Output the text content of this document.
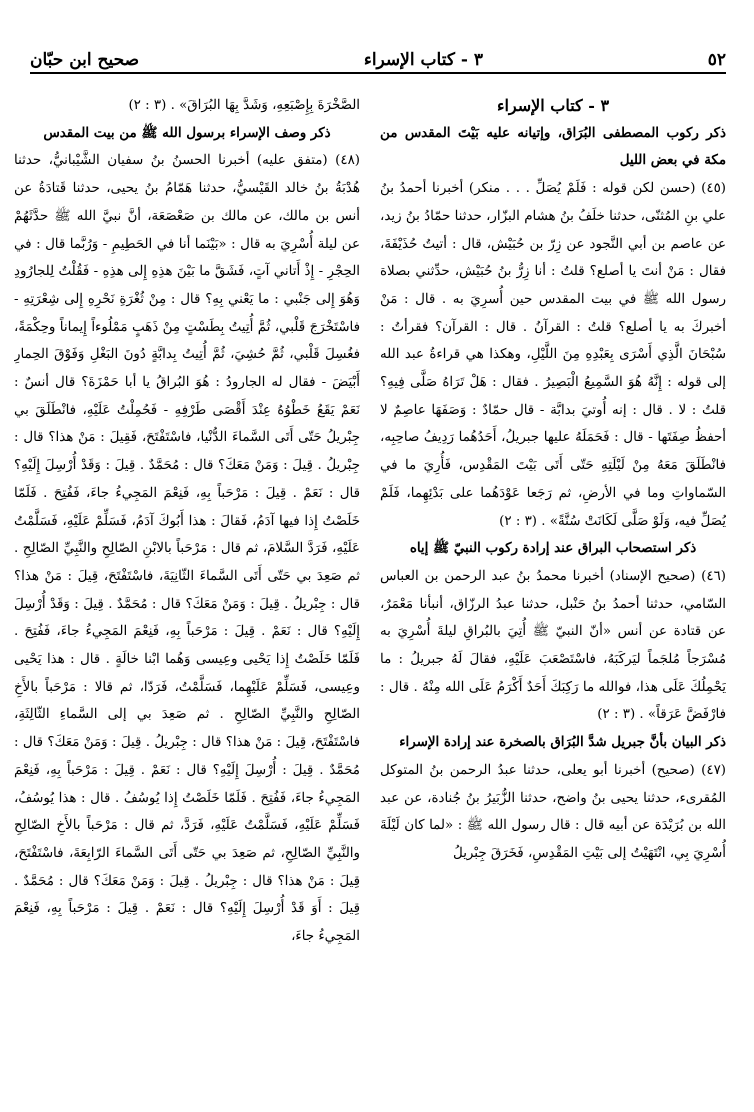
صحيح ابن حبّان	٣ - كتاب الإسراء	٥٢

٣ - كتاب الإسراء

ذكر ركوب المصطفى البُرَاق، وإتيانه عليه بَيْتَ المقدس من مكة في بعض الليل

(٤٥) (حسن لكن قوله : فَلَمْ يُصَلِّ . . . منكر) أخبرنا أحمدُ بنُ علي بنِ المُثنّى، حدثنا خلَفُ بنُ هشام البزّار، حدثنا حمّادُ بنُ زيد، عن عاصم بن أبي النَّجود عن زِرّ بن حُبَيْش، قال : أتيتُ حُذَيْفَةَ، فقال : مَنْ أنتَ يا أصلع؟ قلتُ : أنا زِرُّ بنُ حُبَيْش، حدِّثني بصلاة رسول الله ﷺ في بيت المقدس حين أُسرِيَ به . قال : مَنْ أخبركَ به يا أصلع؟ قلتُ : القرآنُ . قال : القرآن؟ فقرأتُ : سُبْحَانَ الَّذِي أَسْرَى بِعَبْدِهِ مِنَ اللَّيْلِ، وهكذا هي قراءةُ عبد الله إلى قوله : إِنَّهُ هُوَ السَّمِيعُ الْبَصِيرُ . فقال : هَلْ تَرَاهُ صَلَّى فِيهِ؟ قلتُ : لا . قال : إنه أُوتيَ بدابَّة - قال حمّادٌ : وَصَفَهَا عاصِمٌ لا أحفظُ صِفَتَها - قال : فَحَمَلَهُ عليها جبريلُ، أَحَدُهُما رَدِيفُ صاحِبِه، فانْطَلَقَ مَعَهُ مِنْ لَيْلَتِهِ حَتّى أَتَى بَيْتَ المَقْدِس، فَأُرِيَ ما في السّماواتِ وما في الأرضِ، ثم رَجَعا عَوْدَهُما على بَدْئِهِما، فَلَمْ يُصَلِّ فيه، وَلَوْ صَلَّى لَكَانَتْ سُنَّةً» . (٣ : ٢)

ذكر استصحاب البراق عند إرادة ركوب النبيّ ﷺ إياه

(٤٦) (صحيح الإسناد) أخبرنا محمدُ بنُ عبد الرحمن بن العباس السّامي، حدثنا أحمدُ بنُ حَنْبل، حدثنا عبدُ الرزّاق، أنبأنا مَعْمَرٌ، عن قتادة عن أنس «أنّ النبيّ ﷺ أُتِيَ بالبُراقِ ليلةَ أُسْرِيَ به مُسْرَجاً مُلجَماً ليَركَبَهُ، فاسْتَصْعَبَ عَلَيْهِ، فقالَ لَهُ جبريلُ : ما يَحْمِلُكَ عَلَى هذا، فوالله ما رَكِبَكَ أَحَدٌ أَكْرَمُ عَلَى الله مِنْهُ . قال : فارْفَضَّ عَرَقاً» . (٣ : ٢)

ذكر البيان بأنَّ جبريل شدَّ البُرَاق بالصخرة عند إرادة الإسراء

(٤٧) (صحيح) أخبرنا أبو يعلى، حدثنا عبدُ الرحمن بنُ المتوكل المُقرىء، حدثنا يحيى بنُ واضح، حدثنا الزُّبَيرُ بنُ جُنادة، عن عبد الله بن بُرَيْدَة عن أبيه قال : قال رسول الله ﷺ : «لما كان لَيْلَةَ أُسْرِيَ بِي، انْتَهَيْتُ إلى بَيْتِ المَقْدِسِ، فَخَرَقَ جِبْريلُ

الصَّخْرَةَ بِإِصْبَعِهِ، وَشَدَّ بِهَا البُرَاقَ» . (٣ : ٢)

ذكر وصف الإسراء برسول الله ﷺ من بيت المقدس

(٤٨) (متفق عليه) أخبرنا الحسنُ بنُ سفيان الشَّيْبانيُّ، حدثنا هُدْبَةُ بنُ خالد القَيْسيُّ، حدثنا هَمّامُ بنُ يحيى، حدثنا قَتادَةُ عن أنس بن مالك، عن مالك بن صَعْصَعَة، أنَّ نبيَّ الله ﷺ حدَّثَهُمْ عن ليلة أُسْرِيَ به قال : «بَيْنَما أنا في الحَطِيمِ - وَرُبَّما قال : في الحِجْرِ - إِذْ أَتاني آتٍ، فَشَقَّ ما بَيْنَ هذِهِ إِلى هذِهِ - فَقُلْتُ لِلجارُودِ وَهُوَ إِلى جَنْبي : ما يَعْني بِهِ؟ قال : مِنْ ثُغْرَةِ نَحْرِهِ إِلى شِعْرَتِهِ - فاسْتَخْرَجَ قَلْبي، ثُمَّ أُتِيتُ بِطَسْتٍ مِنْ ذَهَبٍ مَمْلُوءاً إِيماناً وحِكْمَةً، فغُسِلَ قَلْبي، ثُمَّ حُشِيَ، ثُمَّ أُتِيتُ بِدابَّةٍ دُونَ البَغْلِ وَفَوْقَ الحِمارِ أَبْيَضَ - فقال له الجارودُ : هُوَ البُراقُ يا أبا حَمْزَةَ؟ قال أنسٌ : نَعَمْ يَقَعُ خَطْوُهُ عِنْدَ أَقْصَى طَرْفِهِ - فَحُمِلْتُ عَلَيْهِ، فانْطَلَقَ بي جِبْريلُ حَتّى أَتَى السَّماءَ الدُّنْيا، فاسْتَفْتَحَ، فَقِيلَ : مَنْ هذا؟ قال : جِبْريلُ . قِيلَ : وَمَنْ مَعَكَ؟ قال : مُحَمَّدٌ . قِيلَ : وَقَدْ أُرْسِلَ إِلَيْهِ؟ قال : نَعَمْ . قِيلَ : مَرْحَباً بِهِ، فَنِعْمَ المَجِيءُ جاءَ، فَفُتِحَ . فَلَمّا خَلَصْتُ إِذا فيها آدَمُ، فَقالَ : هذا أَبُوكَ آدَمُ، فَسَلِّمْ عَلَيْهِ، فَسَلَّمْتُ عَلَيْهِ، فَرَدَّ السَّلامَ، ثم قال : مَرْحَباً بالابْنِ الصّالِحِ والنَّبِيِّ الصّالِحِ . ثم صَعِدَ بي حَتّى أَتَى السَّماءَ الثّانِيَةَ، فاسْتَفْتَحَ، قِيلَ : مَنْ هذا؟ قال : جِبْريلُ . قِيلَ : وَمَنْ مَعَكَ؟ قال : مُحَمَّدٌ . قِيلَ : وَقَدْ أُرْسِلَ إِلَيْهِ؟ قال : نَعَمْ . قِيلَ : مَرْحَباً بِهِ، فَنِعْمَ المَجِيءُ جاءَ، فَفُتِحَ . فَلَمّا خَلَصْتُ إِذا يَحْيى وعِيسى وَهُما ابْنا خالَةٍ . قال : هذا يَحْيى وعِيسى، فَسَلِّمْ عَلَيْهِما، فَسَلَّمْتُ، فَرَدّا، ثم قالا : مَرْحَباً بالأَخِ الصّالِحِ والنَّبِيِّ الصّالِحِ . ثم صَعِدَ بي إلى السَّماءِ الثّالِثَةِ، فاسْتَفْتَحَ، قِيلَ : مَنْ هذا؟ قال : جِبْريلُ . قِيلَ : وَمَنْ مَعَكَ؟ قال : مُحَمَّدٌ . قِيلَ : أُرْسِلَ إِلَيْهِ؟ قال : نَعَمْ . قِيلَ : مَرْحَباً بِهِ، فَنِعْمَ المَجِيءُ جاءَ، فَفُتِحَ . فَلَمّا خَلَصْتُ إِذا يُوسُفُ . قال : هذا يُوسُفُ، فَسَلِّمْ عَلَيْهِ، فَسَلَّمْتُ عَلَيْهِ، فَرَدَّ، ثم قال : مَرْحَباً بالأَخِ الصّالِحِ والنَّبِيِّ الصّالِحِ، ثم صَعِدَ بي حَتّى أَتَى السَّماءَ الرّابِعَةَ، فاسْتَفْتَحَ، قِيلَ : مَنْ هذا؟ قال : جِبْريلُ . قِيلَ : وَمَنْ مَعَكَ؟ قال : مُحَمَّدٌ . قِيلَ : أَوَ قَدْ أُرْسِلَ إِلَيْهِ؟ قال : نَعَمْ . قِيلَ : مَرْحَباً بِهِ، فَنِعْمَ المَجِيءُ جاءَ،
